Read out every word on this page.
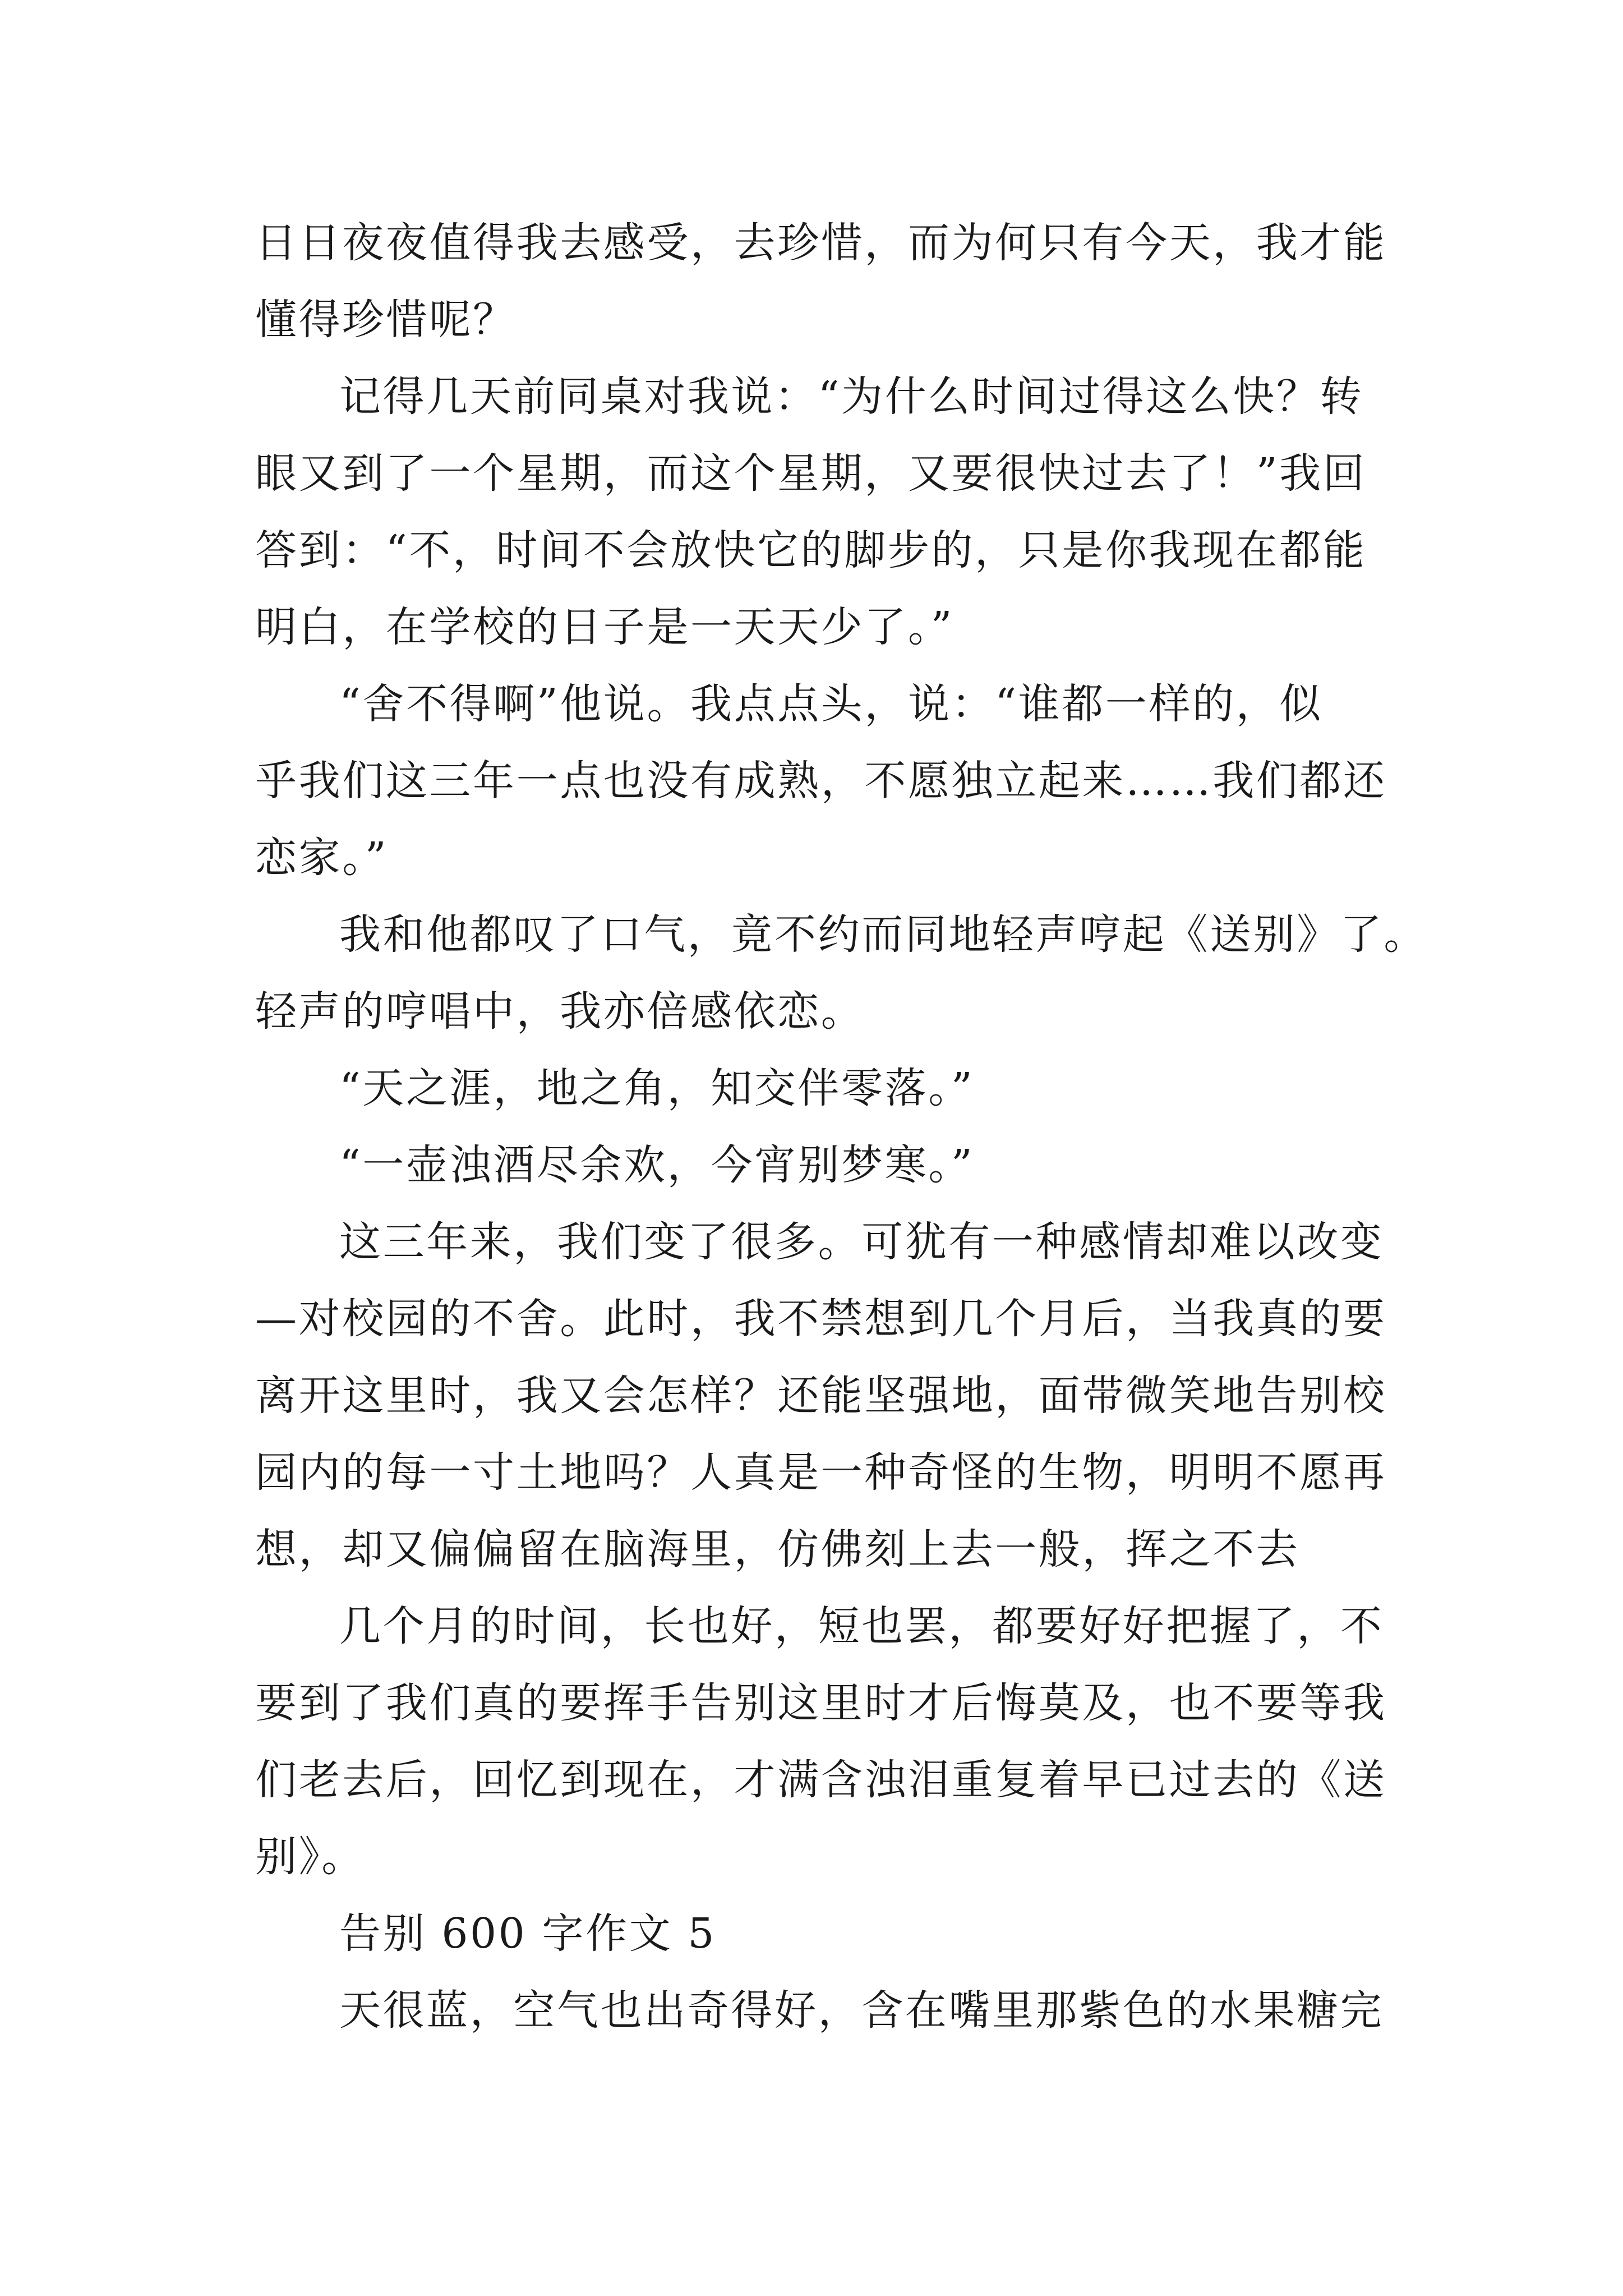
日日夜夜值得我去感受，去珍惜，而为何只有今天，我才能
懂得珍惜呢？
记得几天前同桌对我说：“为什么时间过得这么快？转
眼又到了一个星期，而这个星期，又要很快过去了！”我回
答到：“不，时间不会放快它的脚步的，只是你我现在都能
明白，在学校的日子是一天天少了。”
“舍不得啊”他说。我点点头，说：“谁都一样的，似
乎我们这三年一点也没有成熟，不愿独立起来……我们都还
恋家。”
我和他都叹了口气，竟不约而同地轻声哼起《送别》了。
轻声的哼唱中，我亦倍感依恋。
“天之涯，地之角，知交伴零落。”
“一壶浊酒尽余欢，今宵别梦寒。”
这三年来，我们变了很多。可犹有一种感情却难以改变
—对校园的不舍。此时，我不禁想到几个月后，当我真的要
离开这里时，我又会怎样？还能坚强地，面带微笑地告别校
园内的每一寸土地吗？人真是一种奇怪的生物，明明不愿再
想，却又偏偏留在脑海里，仿佛刻上去一般，挥之不去
几个月的时间，长也好，短也罢，都要好好把握了，不
要到了我们真的要挥手告别这里时才后悔莫及，也不要等我
们老去后，回忆到现在，才满含浊泪重复着早已过去的《送
别》。
告别 600 字作文 5
天很蓝，空气也出奇得好，含在嘴里那紫色的水果糖完
